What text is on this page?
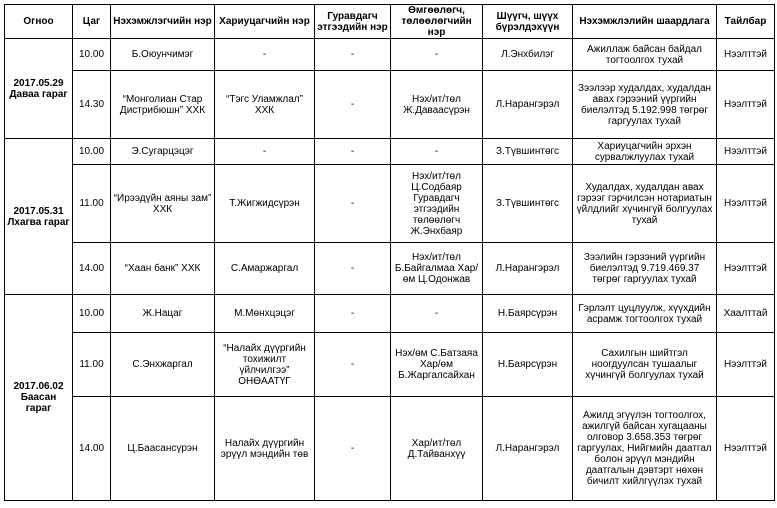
Огноо	Цаг	Нэхэмжлэгчийн нэр	Хариуцагчийн нэр	Гуравдагч этгээдийн нэр	Өмгөөлөгч, төлөөлөгчийн нэр	Шүүгч, шүүх бүрэлдэхүүн	Нэхэмжлэлийн шаардлага	Тайлбар

2017.05.29
Даваа гараг	10.00	Б.Оюунчимэг	-	-	-	Л.Энхбилэг	Ажиллаж байсан байдал тогтоолгох тухай	Нээлттэй
	14.30	“Монголиан Стар Дистрибюшн” ХХК	“Тэгс Уламжлал” ХХК	-	Нэх/ит/төл Ж.Даваасүрэн	Л.Нарангэрэл	Зээлээр худалдах, худалдан авах гэрээний үүргийн биелэлтэд 5.192.998 төгрөг гаргуулах тухай	Нээлттэй

2017.05.31
Лхагва гараг	10.00	Э.Сугарцэцэг	-	-	-	З.Түвшинтөгс	Хариуцагчийн эрхэн сурвалжлуулах тухай	Нээлттэй
	11.00	“Ирээдүйн аяны зам” ХХК	Т.Жигжидсүрэн	-	Нэх/ит/төл Ц.Содбаяр Гуравдагч этгээдийн төлөөлөгч Ж.Энхбаяр	З.Түвшинтөгс	Худалдах, худалдан авах гэрээг гэрчилсэн нотариатын үйлдлийг хүчингүй болгуулах тухай	Нээлттэй
	14.00	“Хаан банк” ХХК	С.Амаржаргал	-	Нэх/ит/төл Б.Байгалмаа Хар/өм Ц.Одонжав	Л.Нарангэрэл	Зээлийн гэрээний үүргийн биелэлтэд 9.719.469.37 төгрөг гаргуулах тухай	Нээлттэй

2017.06.02
Баасан гараг	10.00	Ж.Нацаг	М.Мөнхцэцэг	-	-	Н.Баярсүрэн	Гэрлэлт цуцлуулж, хүүхдийн асрамж тогтоолгох тухай	Хаалттай
	11.00	С.Энхжаргал	“Налайх дүүргийн тохижилт үйлчилгээ” ОНӨААТҮГ	-	Нэх/өм С.Батзаяа Хар/өм Б.Жаргалсайхан	Н.Баярсүрэн	Сахилгын шийтгэл ноогдуулсан тушаалыг хүчингүй болгуулах тухай	Нээлттэй
	14.00	Ц.Баасансүрэн	Налайх дүүргийн эрүүл мэндийн төв	-	Хар/ит/төл Д.Тайванхүү	Л.Нарангэрэл	Ажилд эгүүлэн тогтоолгох, ажилгүй байсан хугацааны олговор 3.658.353 төгрөг гаргуулах, Нийгмийн даатгал болон эрүүл мэндийн даатгалын дэвтэрт нөхөн бичилт хийлгүүлэх тухай	Нээлттэй
